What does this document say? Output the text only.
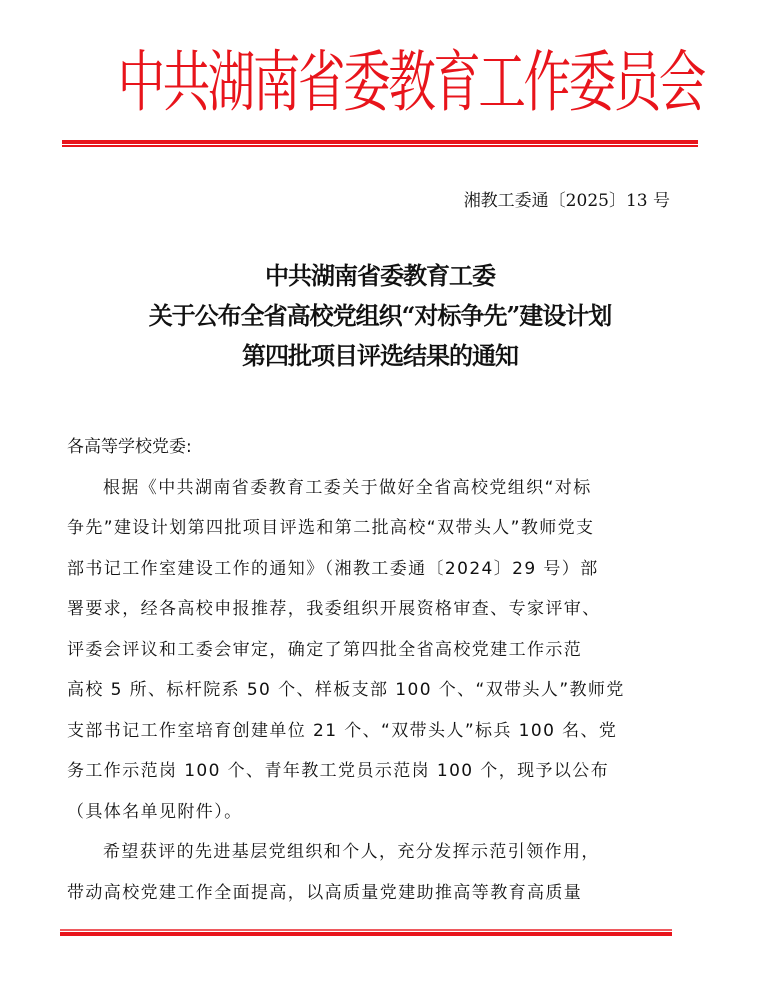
中共湖南省委教育工作委员会
湘教工委通〔2025〕13 号
中共湖南省委教育工委
关于公布全省高校党组织“对标争先”建设计划
第四批项目评选结果的通知
各高等学校党委:
根据《中共湖南省委教育工委关于做好全省高校党组织“对标
争先”建设计划第四批项目评选和第二批高校“双带头人”教师党支
部书记工作室建设工作的通知》（湘教工委通〔2024〕29 号）部
署要求，经各高校申报推荐，我委组织开展资格审查、专家评审、
评委会评议和工委会审定，确定了第四批全省高校党建工作示范
高校 5 所、标杆院系 50 个、样板支部 100 个、“双带头人”教师党
支部书记工作室培育创建单位 21 个、“双带头人”标兵 100 名、党
务工作示范岗 100 个、青年教工党员示范岗 100 个，现予以公布
（具体名单见附件）。
希望获评的先进基层党组织和个人，充分发挥示范引领作用，
带动高校党建工作全面提高，以高质量党建助推高等教育高质量
